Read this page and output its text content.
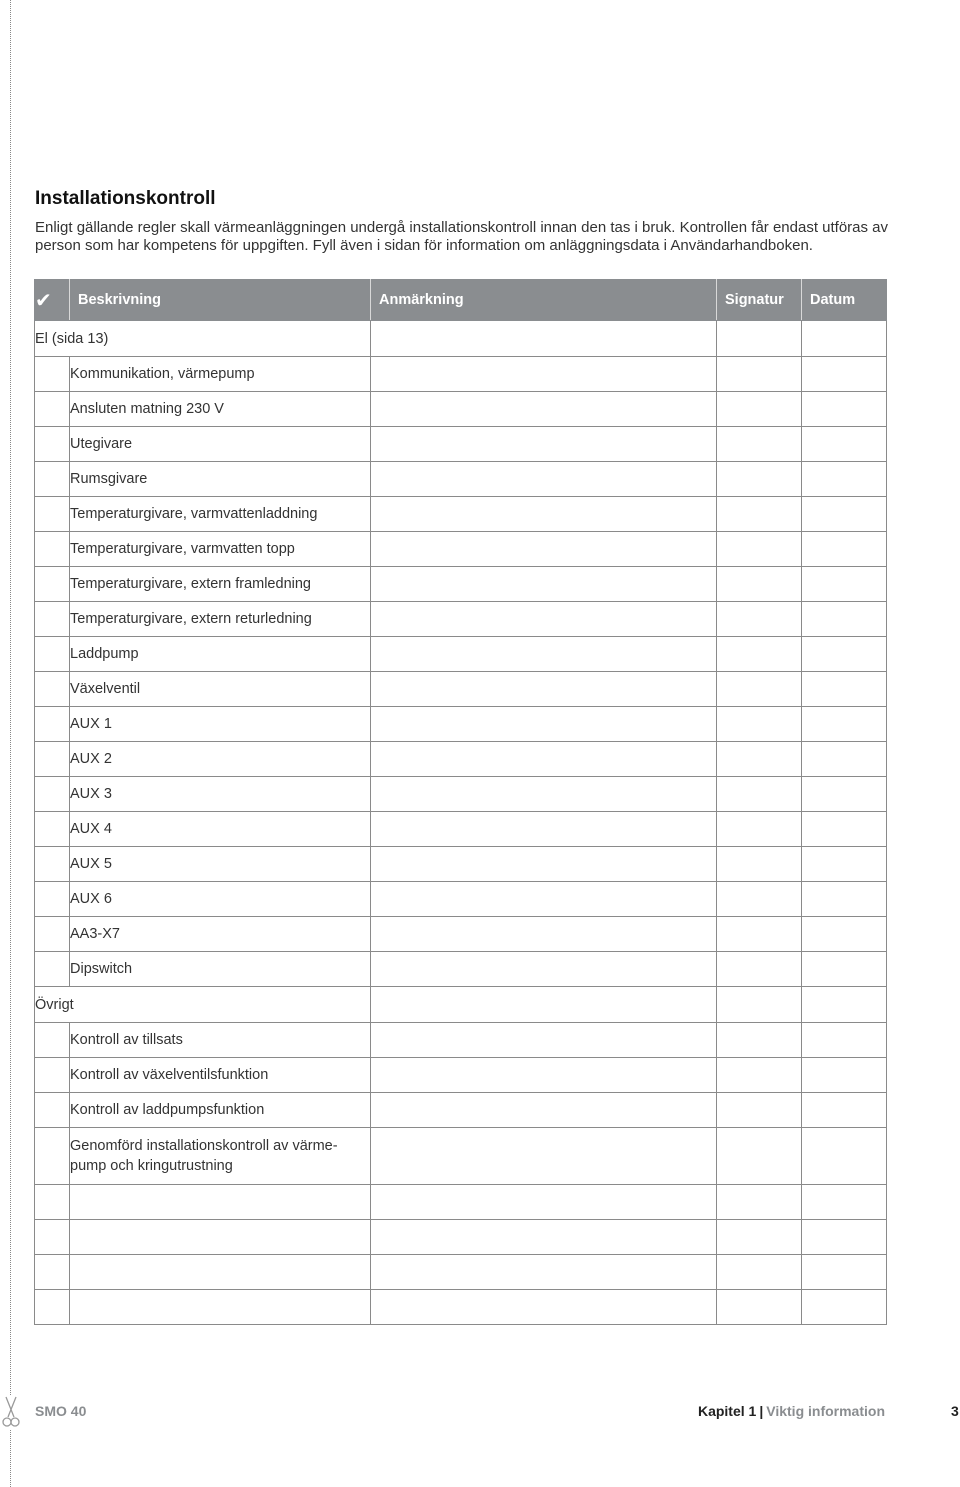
Installationskontroll

Enligt gällande regler skall värmeanläggningen undergå installationskontroll innan den tas i bruk. Kontrollen får endast utföras av person som har kompetens för uppgiften. Fyll även i sidan för information om anläggningsdata i Användarhandboken.

✔	Beskrivning	Anmärkning	Signatur	Datum
El (sida 13)				
	Kommunikation, värmepump			
	Ansluten matning 230 V			
	Utegivare			
	Rumsgivare			
	Temperaturgivare, varmvattenladdning			
	Temperaturgivare, varmvatten topp			
	Temperaturgivare, extern framledning			
	Temperaturgivare, extern returledning			
	Laddpump			
	Växelventil			
	AUX 1			
	AUX 2			
	AUX 3			
	AUX 4			
	AUX 5			
	AUX 6			
	AA3-X7			
	Dipswitch			
Övrigt				
	Kontroll av tillsats			
	Kontroll av växelventilsfunktion			
	Kontroll av laddpumpsfunktion			
	Genomförd installationskontroll av värme-
pump och kringutrustning			

SMO 40	Kapitel 1 | Viktig information	3
